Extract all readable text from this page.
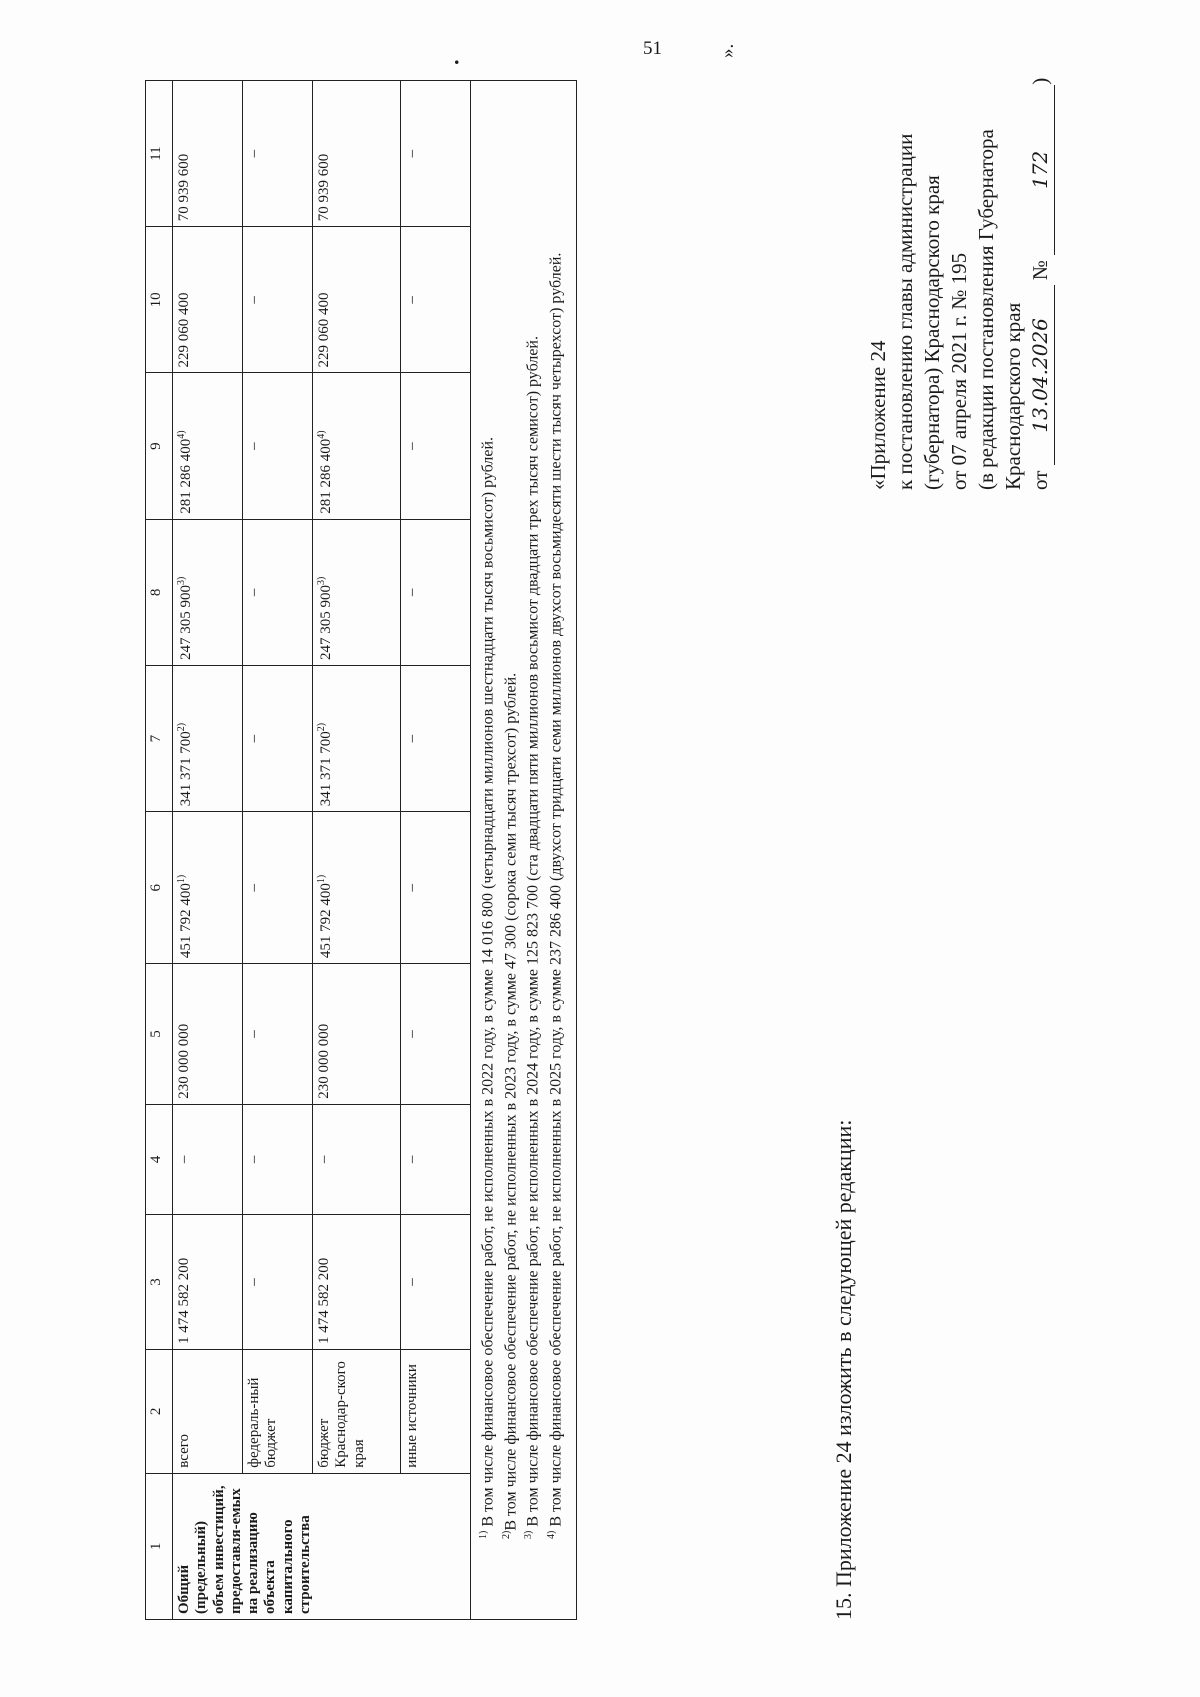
51
.
1	2	3	4	5	6	7	8	9	10	11
Общий (предельный) объем инвестиций, предоставля-емых на реализацию объекта капитального строительства	всего	1 474 582 200	–	230 000 000	451 792 400$^{1)}$	341 371 700$^{2)}$	247 305 900$^{3)}$	281 286 400$^{4)}$	229 060 400	70 939 600
	федераль-ный бюджет	–	–	–	–	–	–	–	–	–
	бюджет Краснодар-ского края	1 474 582 200	–	230 000 000	451 792 400$^{1)}$	341 371 700$^{2)}$	247 305 900$^{3)}$	281 286 400$^{4)}$	229 060 400	70 939 600
	иные источники	–	–	–	–	–	–	–	–	–

$^{1)}$ В том числе финансовое обеспечение работ, не исполненных в 2022 году, в сумме 14 016 800 (четырнадцати миллионов шестнадцати тысяч восьмисот) рублей.

$^{2)}$В том числе финансовое обеспечение работ, не исполненных в 2023 году, в сумме 47 300 (сорока семи тысяч трехсот) рублей.

$^{3)}$ В том числе финансовое обеспечение работ, не исполненных в 2024 году, в сумме 125 823 700 (ста двадцати пяти миллионов восьмисот двадцати трех тысяч семисот) рублей.

$^{4)}$ В том числе финансовое обеспечение работ, не исполненных в 2025 году, в сумме 237 286 400 (двухсот тридцати семи миллионов двухсот восьмидесяти шести тысяч четырехсот) рублей.										

».
15. Приложение 24 изложить в следующей редакции:
«Приложение 24 к постановлению главы администрации (губернатора) Краснодарского края от 07 апреля 2021 г. № 195 (в редакции постановления Губернатора Краснодарского края от 13.04.2026 № 172)
